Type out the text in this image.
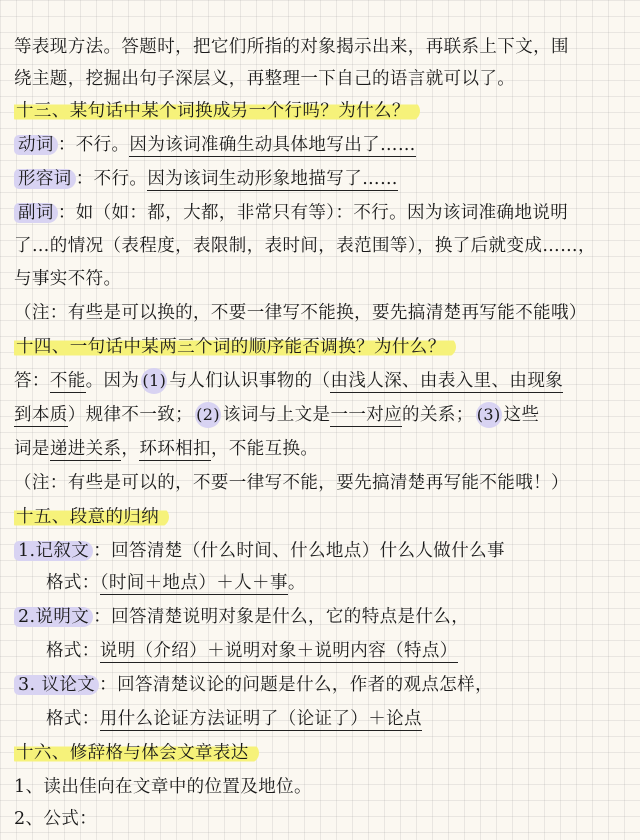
等表现方法。答题时，把它们所指的对象揭示出来，再联系上下文，围
绕主题，挖掘出句子深层义，再整理一下自己的语言就可以了。
十三、某句话中某个词换成另一个行吗？为什么？
动词 ：不行。因为该词准确生动具体地写出了……
形容词 ：不行。因为该词生动形象地描写了……
副词 ：如（如：都，大都，非常只有等）：不行。因为该词准确地说明
了…的情况（表程度，表限制，表时间，表范围等），换了后就变成……，
与事实不符。
（注：有些是可以换的，不要一律写不能换，要先搞清楚再写能不能哦）
十四、一句话中某两三个词的顺序能否调换？为什么？
答：不能。因为 (1) 与人们认识事物的（由浅人深、由表入里、由现象
到本质）规律不一致； (2) 该词与上文是一一对应的关系； (3) 这些
词是递进关系，环环相扣，不能互换。
（注：有些是可以的，不要一律写不能，要先搞清楚再写能不能哦！）
十五、段意的归纳
1.记叙文 ：回答清楚（什么时间、什么地点）什么人做什么事
格式：（时间＋地点）＋人＋事。
2.说明文 ：回答清楚说明对象是什么，它的特点是什么，
格式：说明（介绍）＋说明对象＋说明内容（特点）
3. 议论文 ：回答清楚议论的问题是什么，作者的观点怎样，
格式：用什么论证方法证明了（论证了）＋论点
十六、修辞格与体会文章表达
1、读出佳向在文章中的位置及地位。
2、公式：
